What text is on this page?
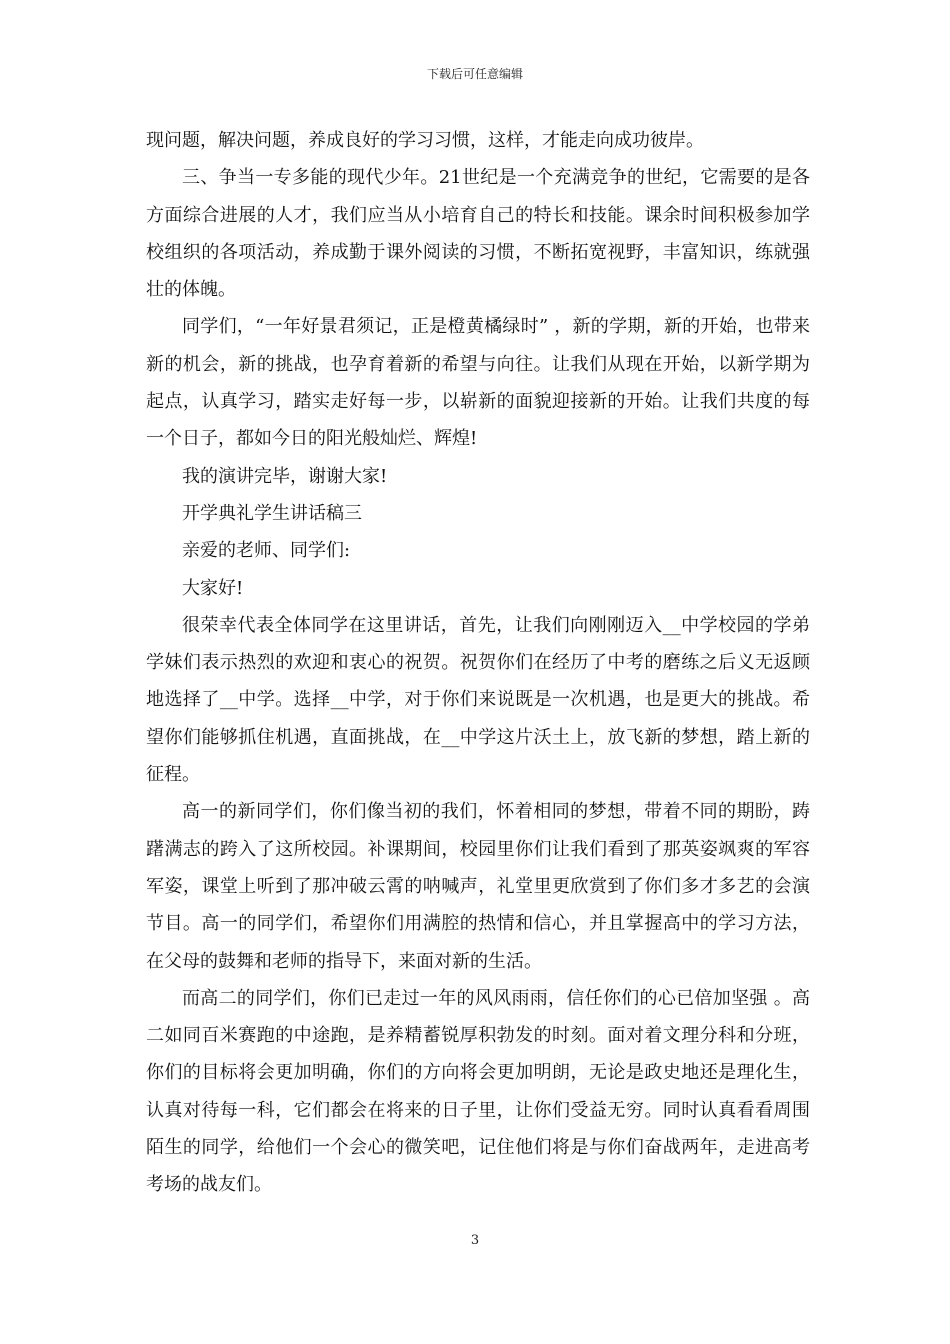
下载后可任意编辑

现问题，解决问题，养成良好的学习习惯，这样，才能走向成功彼岸。

三、争当一专多能的现代少年。21世纪是一个充满竞争的世纪，它需要的是各方面综合进展的人才，我们应当从小培育自己的特长和技能。课余时间积极参加学校组织的各项活动，养成勤于课外阅读的习惯，不断拓宽视野，丰富知识，练就强壮的体魄。

同学们，“一年好景君须记，正是橙黄橘绿时” ，新的学期，新的开始，也带来新的机会，新的挑战，也孕育着新的希望与向往。让我们从现在开始，以新学期为起点，认真学习，踏实走好每一步，以崭新的面貌迎接新的开始。让我们共度的每一个日子，都如今日的阳光般灿烂、辉煌!

我的演讲完毕，谢谢大家!

开学典礼学生讲话稿三

亲爱的老师、同学们:

大家好!

很荣幸代表全体同学在这里讲话，首先，让我们向刚刚迈入__中学校园的学弟学妹们表示热烈的欢迎和衷心的祝贺。祝贺你们在经历了中考的磨练之后义无返顾地选择了__中学。选择__中学，对于你们来说既是一次机遇，也是更大的挑战。希望你们能够抓住机遇，直面挑战，在__中学这片沃土上，放飞新的梦想，踏上新的征程。

高一的新同学们，你们像当初的我们，怀着相同的梦想，带着不同的期盼，踌躇满志的跨入了这所校园。补课期间，校园里你们让我们看到了那英姿飒爽的军容军姿，课堂上听到了那冲破云霄的呐喊声，礼堂里更欣赏到了你们多才多艺的会演节目。高一的同学们，希望你们用满腔的热情和信心，并且掌握高中的学习方法，在父母的鼓舞和老师的指导下，来面对新的生活。

而高二的同学们，你们已走过一年的风风雨雨，信任你们的心已倍加坚强 。高二如同百米赛跑的中途跑，是养精蓄锐厚积勃发的时刻。面对着文理分科和分班，你们的目标将会更加明确，你们的方向将会更加明朗，无论是政史地还是理化生，认真对待每一科，它们都会在将来的日子里，让你们受益无穷。同时认真看看周围陌生的同学，给他们一个会心的微笑吧，记住他们将是与你们奋战两年，走进高考考场的战友们。

3
